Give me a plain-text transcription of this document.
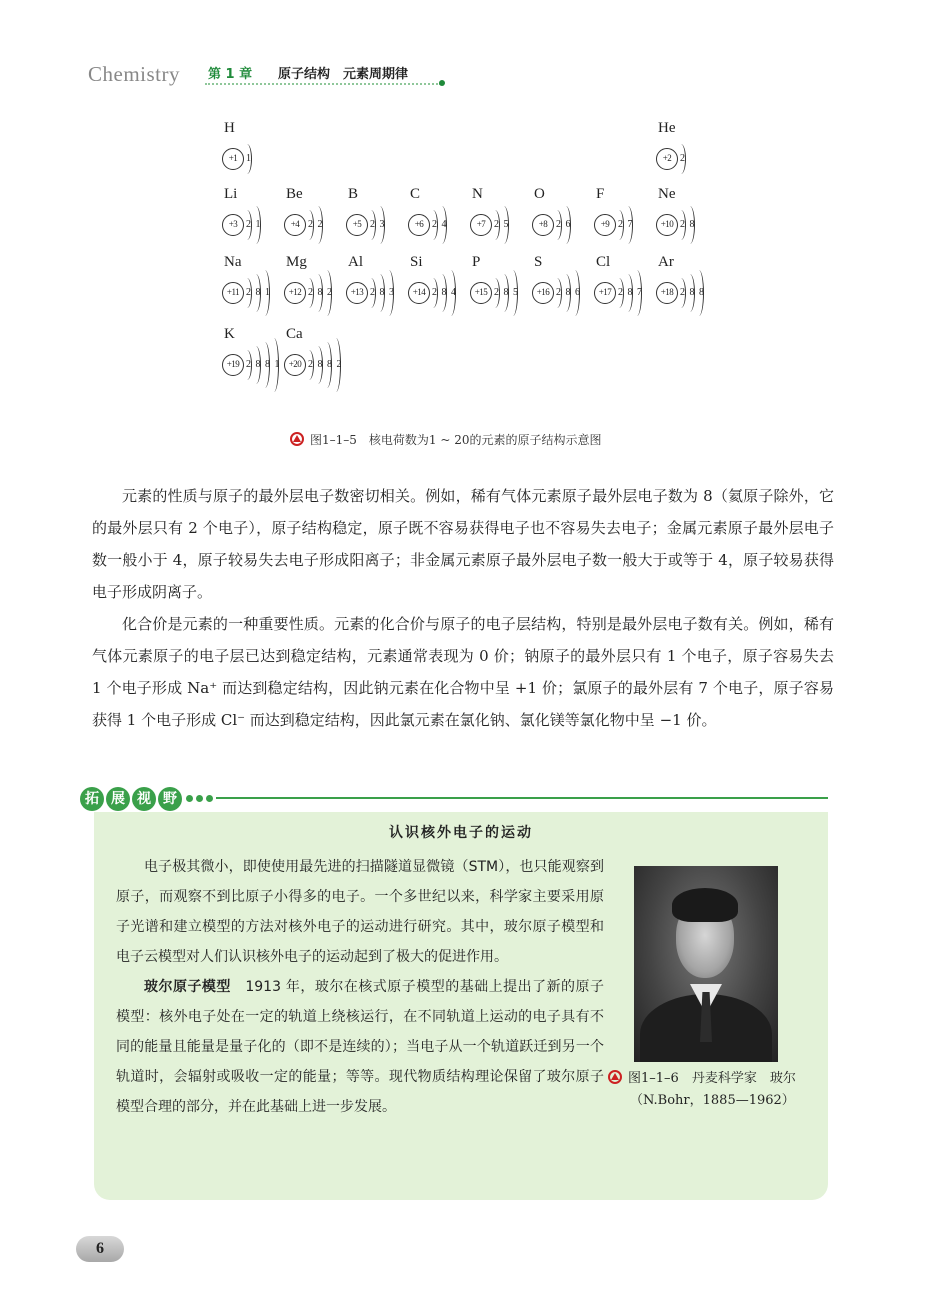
Chemistry 第 1 章 原子结构　元素周期律
H
+1 1
He
+2 2
Li
+3 2 1
Be
+4 2 2
B
+5 2 3
C
+6 2 4
N
+7 2 5
O
+8 2 6
F
+9 2 7
Ne
+10 2 8
Na
+11 2 8 1
Mg
+12 2 8 2
Al
+13 2 8 3
Si
+14 2 8 4
P
+15 2 8 5
S
+16 2 8 6
Cl
+17 2 8 7
Ar
+18 2 8 8
K
+19 2 8 8 1
Ca
+20 2 8 8 2
图1–1–5　核电荷数为1 ~ 20的元素的原子结构示意图

元素的性质与原子的最外层电子数密切相关。例如，稀有气体元素原子最外层电子数为 8（氦原子除外，它的最外层只有 2 个电子），原子结构稳定，原子既不容易获得电子也不容易失去电子；金属元素原子最外层电子数一般小于 4，原子较易失去电子形成阳离子；非金属元素原子最外层电子数一般大于或等于 4，原子较易获得电子形成阴离子。

化合价是元素的一种重要性质。元素的化合价与原子的电子层结构，特别是最外层电子数有关。例如，稀有气体元素原子的电子层已达到稳定结构，元素通常表现为 0 价；钠原子的最外层只有 1 个电子，原子容易失去 1 个电子形成 Na⁺ 而达到稳定结构，因此钠元素在化合物中呈 +1 价；氯原子的最外层有 7 个电子，原子容易获得 1 个电子形成 Cl⁻ 而达到稳定结构，因此氯元素在氯化钠、氯化镁等氯化物中呈 −1 价。

拓 展 视 野
认识核外电子的运动

电子极其微小，即使使用最先进的扫描隧道显微镜（STM），也只能观察到原子，而观察不到比原子小得多的电子。一个多世纪以来，科学家主要采用原子光谱和建立模型的方法对核外电子的运动进行研究。其中，玻尔原子模型和电子云模型对人们认识核外电子的运动起到了极大的促进作用。

玻尔原子模型　1913 年，玻尔在核式原子模型的基础上提出了新的原子模型：核外电子处在一定的轨道上绕核运行，在不同轨道上运动的电子具有不同的能量且能量是量子化的（即不是连续的）；当电子从一个轨道跃迁到另一个轨道时，会辐射或吸收一定的能量；等等。现代物质结构理论保留了玻尔原子模型合理的部分，并在此基础上进一步发展。

图1–1–6　丹麦科学家　玻尔
（N.Bohr，1885—1962）
6
